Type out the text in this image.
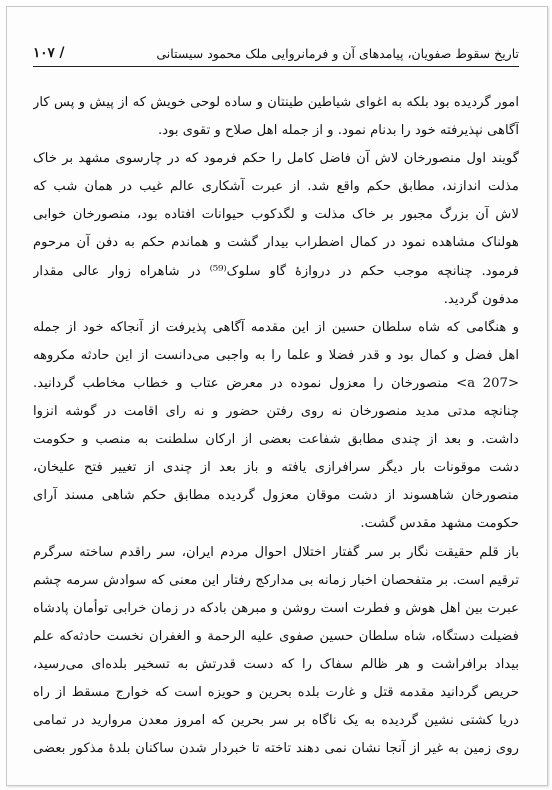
تاریخ سقوط صفویان، پیامدهای آن و فرمانروایی ملک محمود سیستانی
/ ۱۰۷
امور گردیده بود بلکه به اغوای شیاطین طینتان و ساده لوحی خویش که از پیش و پس کار
آگاهی نپذیرفته خود را بدنام نمود. و از جمله اهل صلاح و تقوی بود.
گویند اول منصورخان لاش آن فاضل کامل را حکم فرمود که در چارسوی مشهد بر خاک
مذلت اندازند، مطابق حکم واقع شد. از عبرت آشکاری عالم غیب در همان شب که
لاش آن بزرگ مجبور بر خاک مذلت و لگدکوب حیوانات افتاده بود، منصورخان خوابی
هولناک مشاهده نمود در کمال اضطراب بیدار گشت و هماندم حکم به دفن آن مرحوم
فرمود. چنانچه موجب حکم در دروازهٔ گاو سلوک⁽⁵⁹⁾ در شاهراه زوار عالی مقدار
مدفون گردید.
و هنگامی که شاه سلطان حسین از این مقدمه آگاهی پذیرفت از آنجاکه خود از جمله
اهل فضل و کمال بود و قدر فضلا و علما را به واجبی می‌دانست از این حادثه مکروهه
<207 a> منصورخان را معزول نموده در معرض عتاب و خطاب مخاطب گردانید.
چنانچه مدتی مدید منصورخان نه روی رفتن حضور و نه رای اقامت در گوشه انزوا
داشت. و بعد از چندی مطابق شفاعت بعضی از ارکان سلطنت به منصب و حکومت
دشت موقونات بار دیگر سرافرازی یافته و باز بعد از چندی از تغییر فتح علیخان،
منصورخان شاهسوند از دشت موقان معزول گردیده مطابق حکم شاهی مسند آرای
حکومت مشهد مقدس گشت.
باز قلم حقیقت نگار بر سر گفتار اختلال احوال مردم ایران، سر راقدم ساخته سرگرم
ترقیم است. بر متفحصان اخبار زمانه بی مدارکج رفتار این معنی که سوادش سرمه چشم
عبرت بین اهل هوش و فطرت است روشن و مبرهن بادکه در زمان خرابی توأمان پادشاه
فضیلت دستگاه، شاه سلطان حسین صفوی علیه الرحمة و الغفران نخست حادثه‌که علم
بیداد برافراشت و هر ظالم سفاک را که دست قدرتش به تسخیر بلده‌ای می‌رسید،
حریص گردانید مقدمه قتل و غارت بلده بحرین و حویزه است که خوارج مسقط از راه
دریا کشتی نشین گردیده به یک ناگاه بر سر بحرین که امروز معدن مروارید در تمامی
روی زمین به غیر از آنجا نشان نمی دهند تاخته تا خبردار شدن ساکنان بلدهٔ مذکور بعضی
